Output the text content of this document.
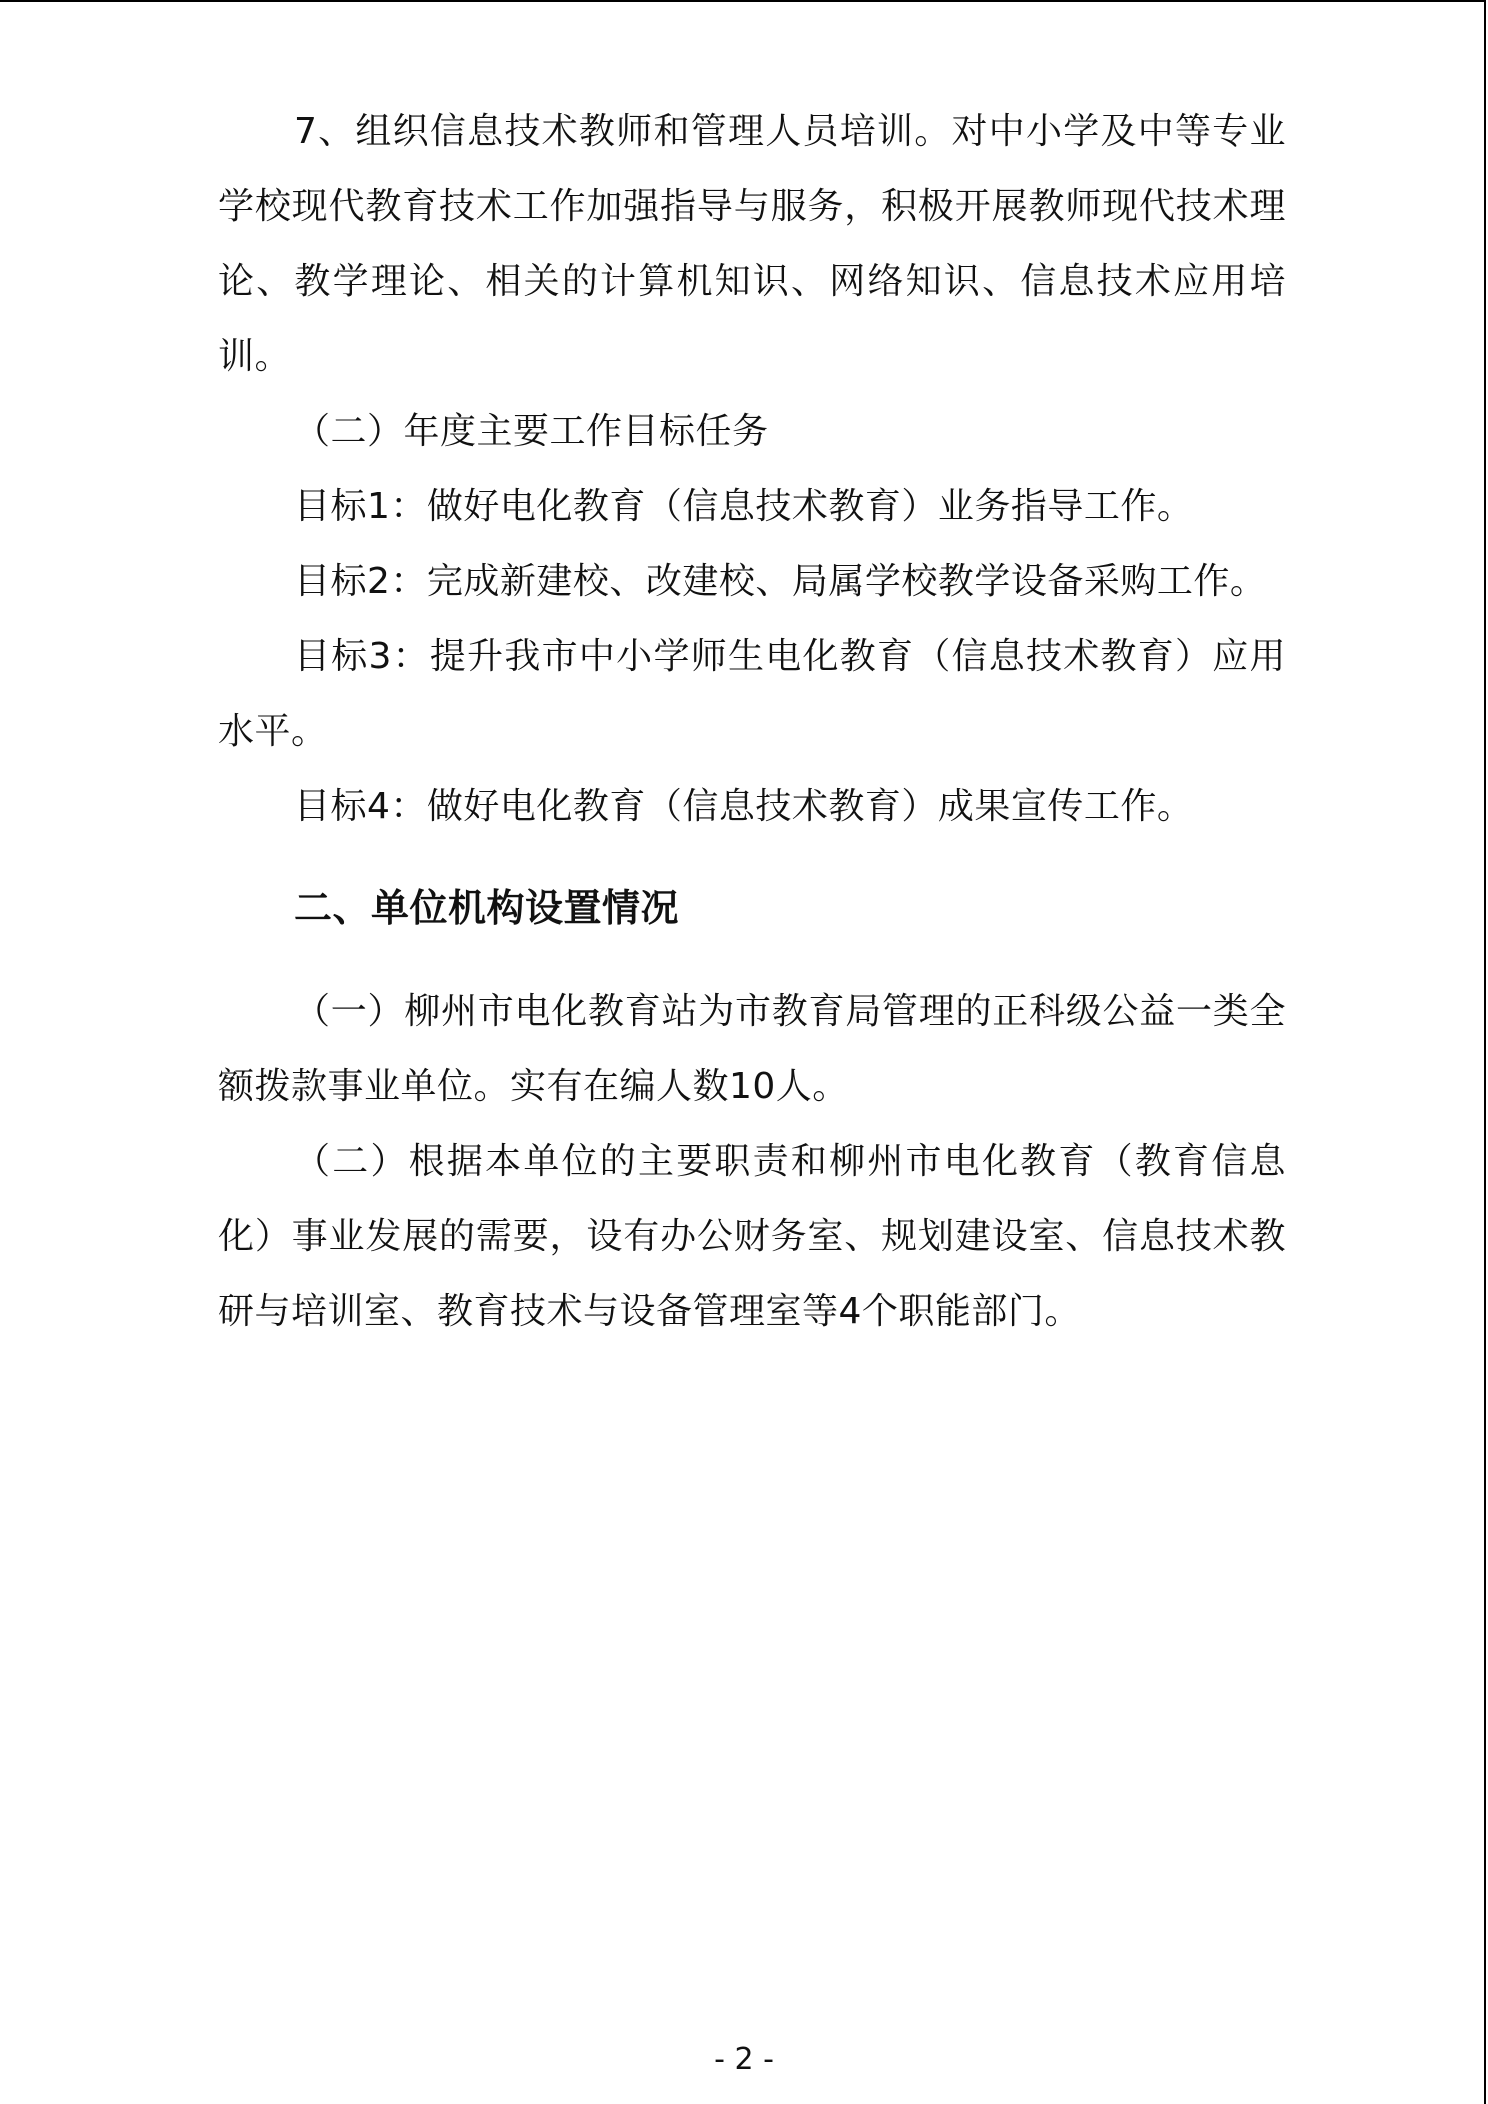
7、组织信息技术教师和管理人员培训。对中小学及中等专业学校现代教育技术工作加强指导与服务，积极开展教师现代技术理论、教学理论、相关的计算机知识、网络知识、信息技术应用培训。

（二）年度主要工作目标任务

目标1：做好电化教育（信息技术教育）业务指导工作。

目标2：完成新建校、改建校、局属学校教学设备采购工作。

目标3：提升我市中小学师生电化教育（信息技术教育）应用水平。

目标4：做好电化教育（信息技术教育）成果宣传工作。

二、单位机构设置情况

（一）柳州市电化教育站为市教育局管理的正科级公益一类全额拨款事业单位。实有在编人数10人。

（二）根据本单位的主要职责和柳州市电化教育（教育信息化）事业发展的需要，设有办公财务室、规划建设室、信息技术教研与培训室、教育技术与设备管理室等4个职能部门。

- 2 -
